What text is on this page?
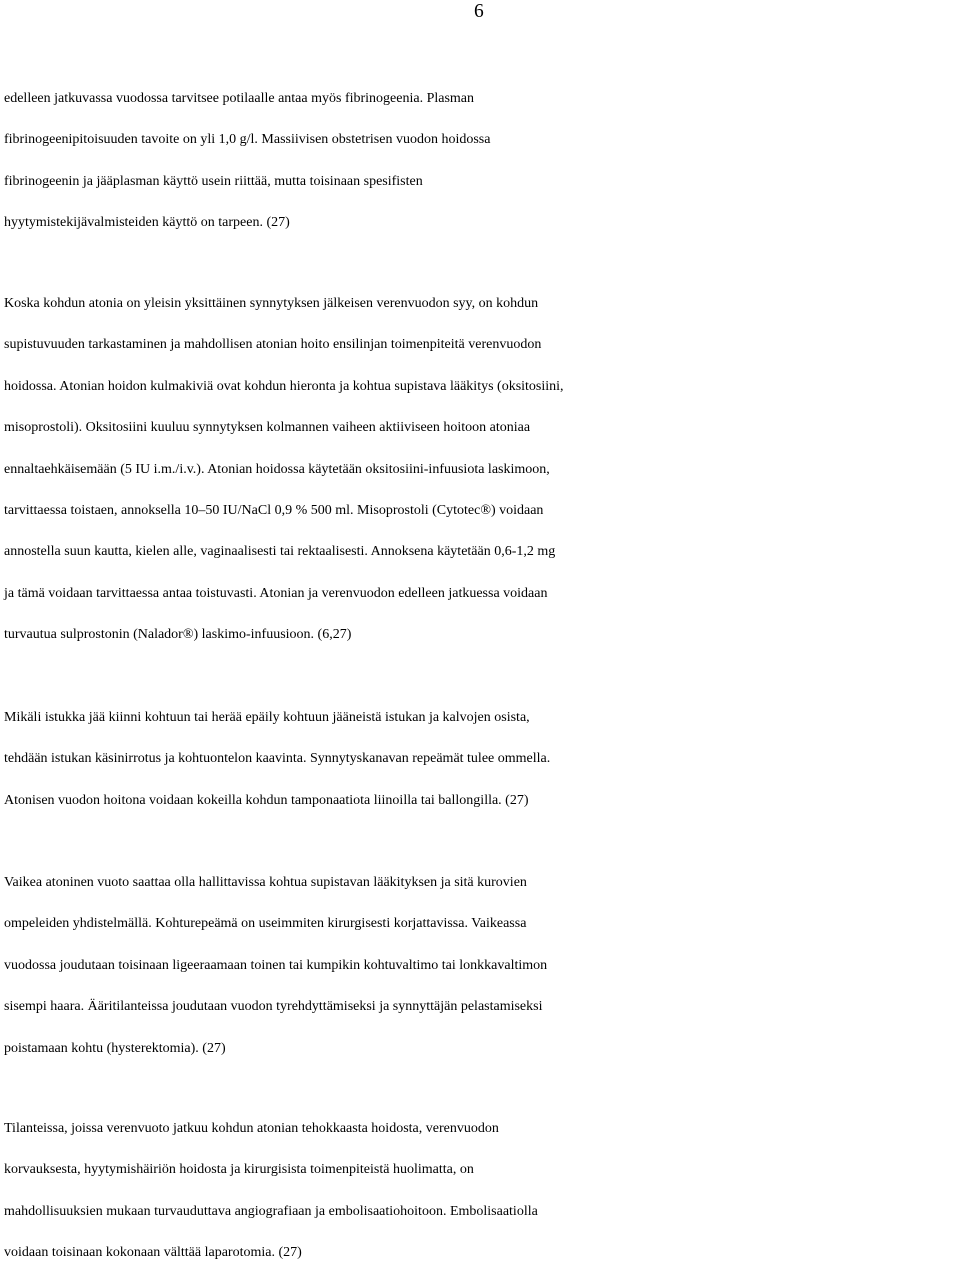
6
edelleen jatkuvassa vuodossa tarvitsee potilaalle antaa myös fibrinogeenia. Plasman
fibrinogeenipitoisuuden tavoite on yli 1,0 g/l. Massiivisen obstetrisen vuodon hoidossa
fibrinogeenin ja jääplasman käyttö usein riittää, mutta toisinaan spesifisten
hyytymistekijävalmisteiden käyttö on tarpeen. (27)
Koska kohdun atonia on yleisin yksittäinen synnytyksen jälkeisen verenvuodon syy, on kohdun
supistuvuuden tarkastaminen ja mahdollisen atonian hoito ensilinjan toimenpiteitä verenvuodon
hoidossa. Atonian hoidon kulmakiviä ovat kohdun hieronta ja kohtua supistava lääkitys (oksitosiini,
misoprostoli). Oksitosiini kuuluu synnytyksen kolmannen vaiheen aktiiviseen hoitoon atoniaa
ennaltaehkäisemään (5 IU i.m./i.v.). Atonian hoidossa käytetään oksitosiini-infuusiota laskimoon,
tarvittaessa toistaen, annoksella 10–50 IU/NaCl 0,9 % 500 ml. Misoprostoli (Cytotec®) voidaan
annostella suun kautta, kielen alle, vaginaalisesti tai rektaalisesti. Annoksena käytetään 0,6-1,2 mg
ja tämä voidaan tarvittaessa antaa toistuvasti. Atonian ja verenvuodon edelleen jatkuessa voidaan
turvautua sulprostonin (Nalador®) laskimo-infuusioon. (6,27)
Mikäli istukka jää kiinni kohtuun tai herää epäily kohtuun jääneistä istukan ja kalvojen osista,
tehdään istukan käsinirrotus ja kohtuontelon kaavinta. Synnytyskanavan repeämät tulee ommella.
Atonisen vuodon hoitona voidaan kokeilla kohdun tamponaatiota liinoilla tai ballongilla. (27)
Vaikea atoninen vuoto saattaa olla hallittavissa kohtua supistavan lääkityksen ja sitä kurovien
ompeleiden yhdistelmällä. Kohturepeämä on useimmiten kirurgisesti korjattavissa. Vaikeassa
vuodossa joudutaan toisinaan ligeeraamaan toinen tai kumpikin kohtuvaltimo tai lonkkavaltimon
sisempi haara. Ääritilanteissa joudutaan vuodon tyrehdyttämiseksi ja synnyttäjän pelastamiseksi
poistamaan kohtu (hysterektomia). (27)
Tilanteissa, joissa verenvuoto jatkuu kohdun atonian tehokkaasta hoidosta, verenvuodon
korvauksesta, hyytymishäiriön hoidosta ja kirurgisista toimenpiteistä huolimatta, on
mahdollisuuksien mukaan turvauduttava angiografiaan ja embolisaatiohoitoon. Embolisaatiolla
voidaan toisinaan kokonaan välttää laparotomia. (27)
